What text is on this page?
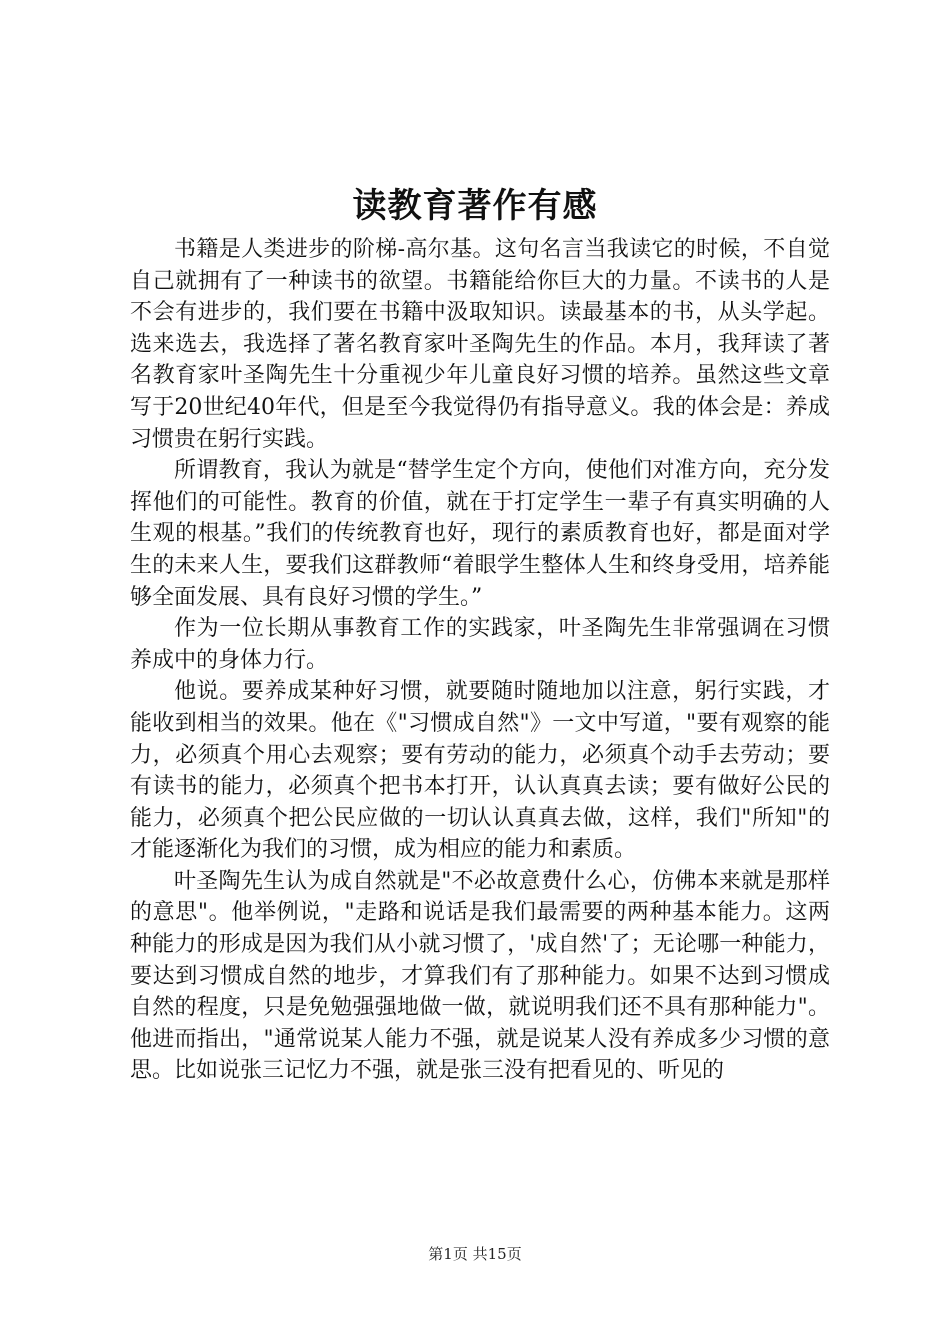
读教育著作有感

书籍是人类进步的阶梯-高尔基。这句名言当我读它的时候，不自觉自己就拥有了一种读书的欲望。书籍能给你巨大的力量。不读书的人是不会有进步的，我们要在书籍中汲取知识。读最基本的书，从头学起。选来选去，我选择了著名教育家叶圣陶先生的作品。本月，我拜读了著名教育家叶圣陶先生十分重视少年儿童良好习惯的培养。虽然这些文章写于20世纪40年代，但是至今我觉得仍有指导意义。我的体会是：养成习惯贵在躬行实践。

所谓教育，我认为就是“替学生定个方向，使他们对准方向，充分发挥他们的可能性。教育的价值，就在于打定学生一辈子有真实明确的人生观的根基。”我们的传统教育也好，现行的素质教育也好，都是面对学生的未来人生，要我们这群教师“着眼学生整体人生和终身受用，培养能够全面发展、具有良好习惯的学生。”

作为一位长期从事教育工作的实践家，叶圣陶先生非常强调在习惯养成中的身体力行。

他说。要养成某种好习惯，就要随时随地加以注意，躬行实践，才能收到相当的效果。他在《"习惯成自然"》一文中写道，"要有观察的能力，必须真个用心去观察；要有劳动的能力，必须真个动手去劳动；要有读书的能力，必须真个把书本打开，认认真真去读；要有做好公民的能力，必须真个把公民应做的一切认认真真去做，这样，我们"所知"的才能逐渐化为我们的习惯，成为相应的能力和素质。

叶圣陶先生认为成自然就是"不必故意费什么心，仿佛本来就是那样的意思"。他举例说，"走路和说话是我们最需要的两种基本能力。这两种能力的形成是因为我们从小就习惯了，'成自然'了；无论哪一种能力，要达到习惯成自然的地步，才算我们有了那种能力。如果不达到习惯成自然的程度，只是免勉强强地做一做，就说明我们还不具有那种能力"。他进而指出，"通常说某人能力不强，就是说某人没有养成多少习惯的意思。比如说张三记忆力不强，就是张三没有把看见的、听见的

第1页 共15页
